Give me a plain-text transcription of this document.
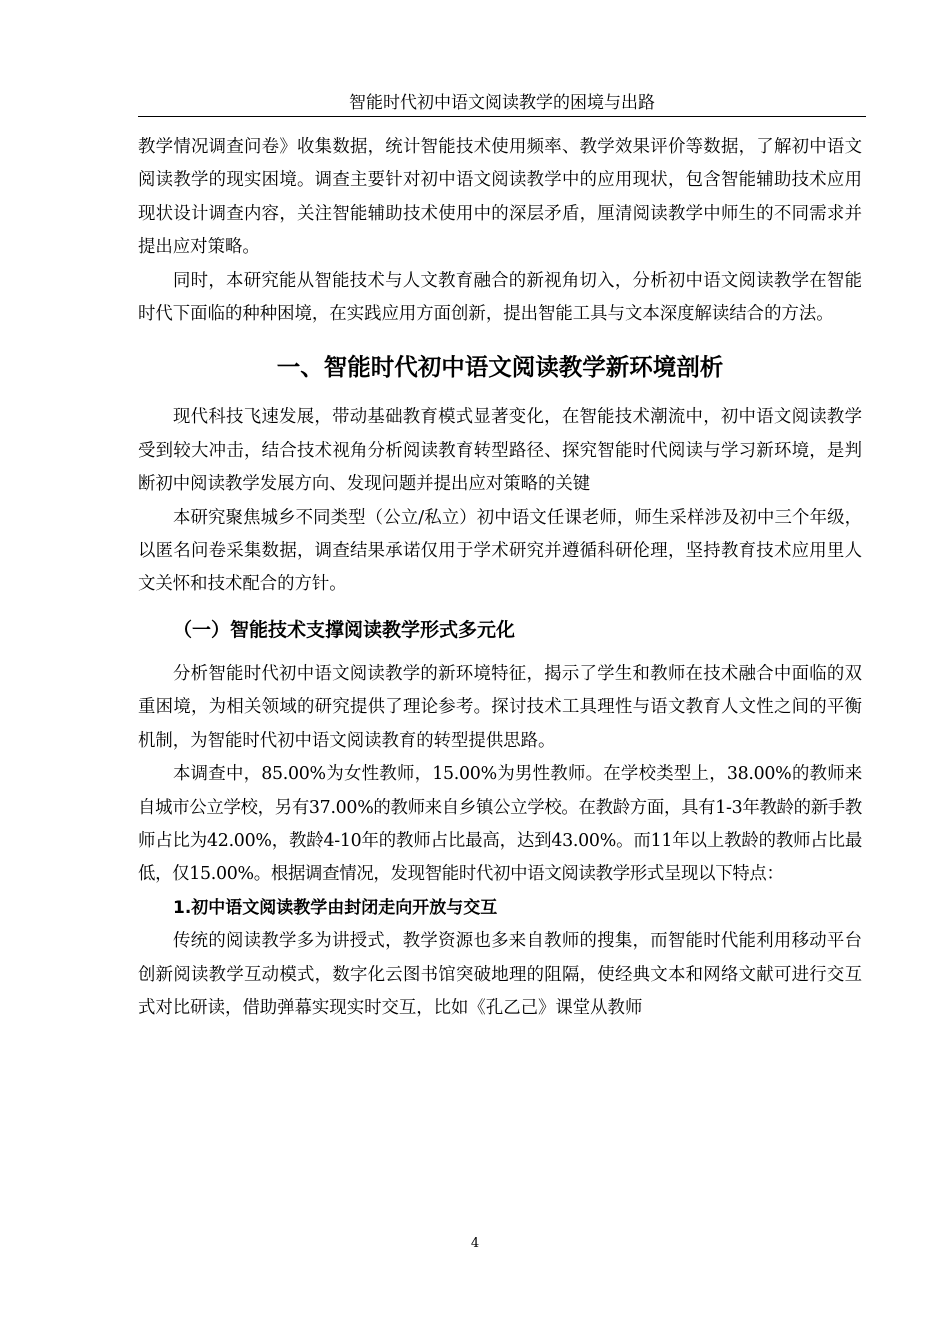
智能时代初中语文阅读教学的困境与出路

教学情况调查问卷》收集数据，统计智能技术使用频率、教学效果评价等数据，了解初中语文阅读教学的现实困境。调查主要针对初中语文阅读教学中的应用现状，包含智能辅助技术应用现状设计调查内容，关注智能辅助技术使用中的深层矛盾，厘清阅读教学中师生的不同需求并提出应对策略。

同时，本研究能从智能技术与人文教育融合的新视角切入，分析初中语文阅读教学在智能时代下面临的种种困境，在实践应用方面创新，提出智能工具与文本深度解读结合的方法。

一、智能时代初中语文阅读教学新环境剖析

现代科技飞速发展，带动基础教育模式显著变化，在智能技术潮流中，初中语文阅读教学受到较大冲击，结合技术视角分析阅读教育转型路径、探究智能时代阅读与学习新环境，是判断初中阅读教学发展方向、发现问题并提出应对策略的关键

本研究聚焦城乡不同类型（公立/私立）初中语文任课老师，师生采样涉及初中三个年级，以匿名问卷采集数据，调查结果承诺仅用于学术研究并遵循科研伦理，坚持教育技术应用里人文关怀和技术配合的方针。

（一）智能技术支撑阅读教学形式多元化

分析智能时代初中语文阅读教学的新环境特征，揭示了学生和教师在技术融合中面临的双重困境，为相关领域的研究提供了理论参考。探讨技术工具理性与语文教育人文性之间的平衡机制，为智能时代初中语文阅读教育的转型提供思路。

本调查中，85.00%为女性教师，15.00%为男性教师。在学校类型上，38.00%的教师来自城市公立学校，另有37.00%的教师来自乡镇公立学校。在教龄方面，具有1-3年教龄的新手教师占比为42.00%，教龄4-10年的教师占比最高，达到43.00%。而11年以上教龄的教师占比最低，仅15.00%。根据调查情况，发现智能时代初中语文阅读教学形式呈现以下特点：

1.初中语文阅读教学由封闭走向开放与交互

传统的阅读教学多为讲授式，教学资源也多来自教师的搜集，而智能时代能利用移动平台创新阅读教学互动模式，数字化云图书馆突破地理的阻隔，使经典文本和网络文献可进行交互式对比研读，借助弹幕实现实时交互，比如《孔乙己》课堂从教师

4
